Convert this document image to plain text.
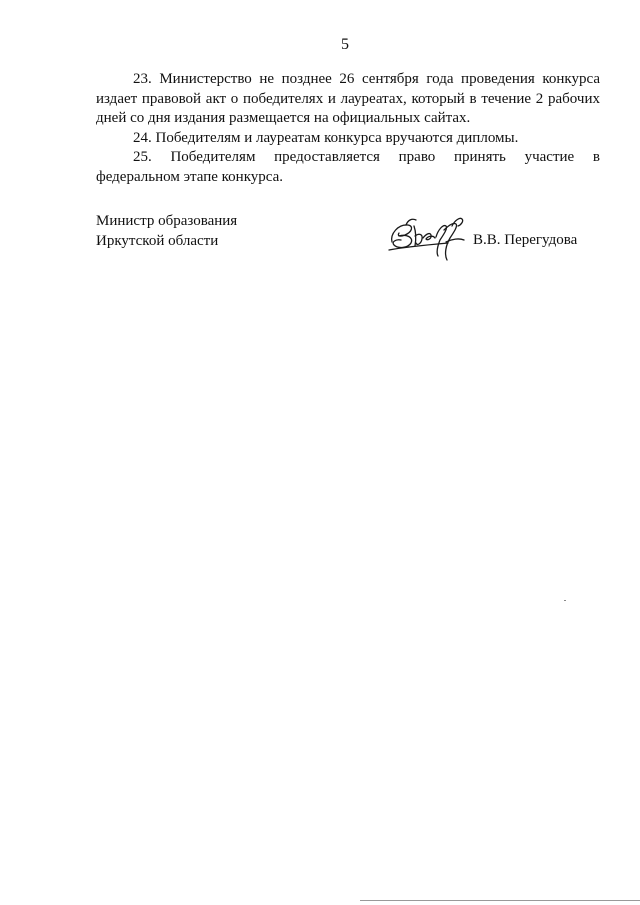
5

23. Министерство не позднее 26 сентября года проведения конкурса издает правовой акт о победителях и лауреатах, который в течение 2 рабочих дней со дня издания размещается на официальных сайтах.

24. Победителям и лауреатам конкурса вручаются дипломы.

25. Победителям предоставляется право принять участие в

федеральном этапе конкурса.

Министр образования
Иркутской области	В.В. Перегудова
